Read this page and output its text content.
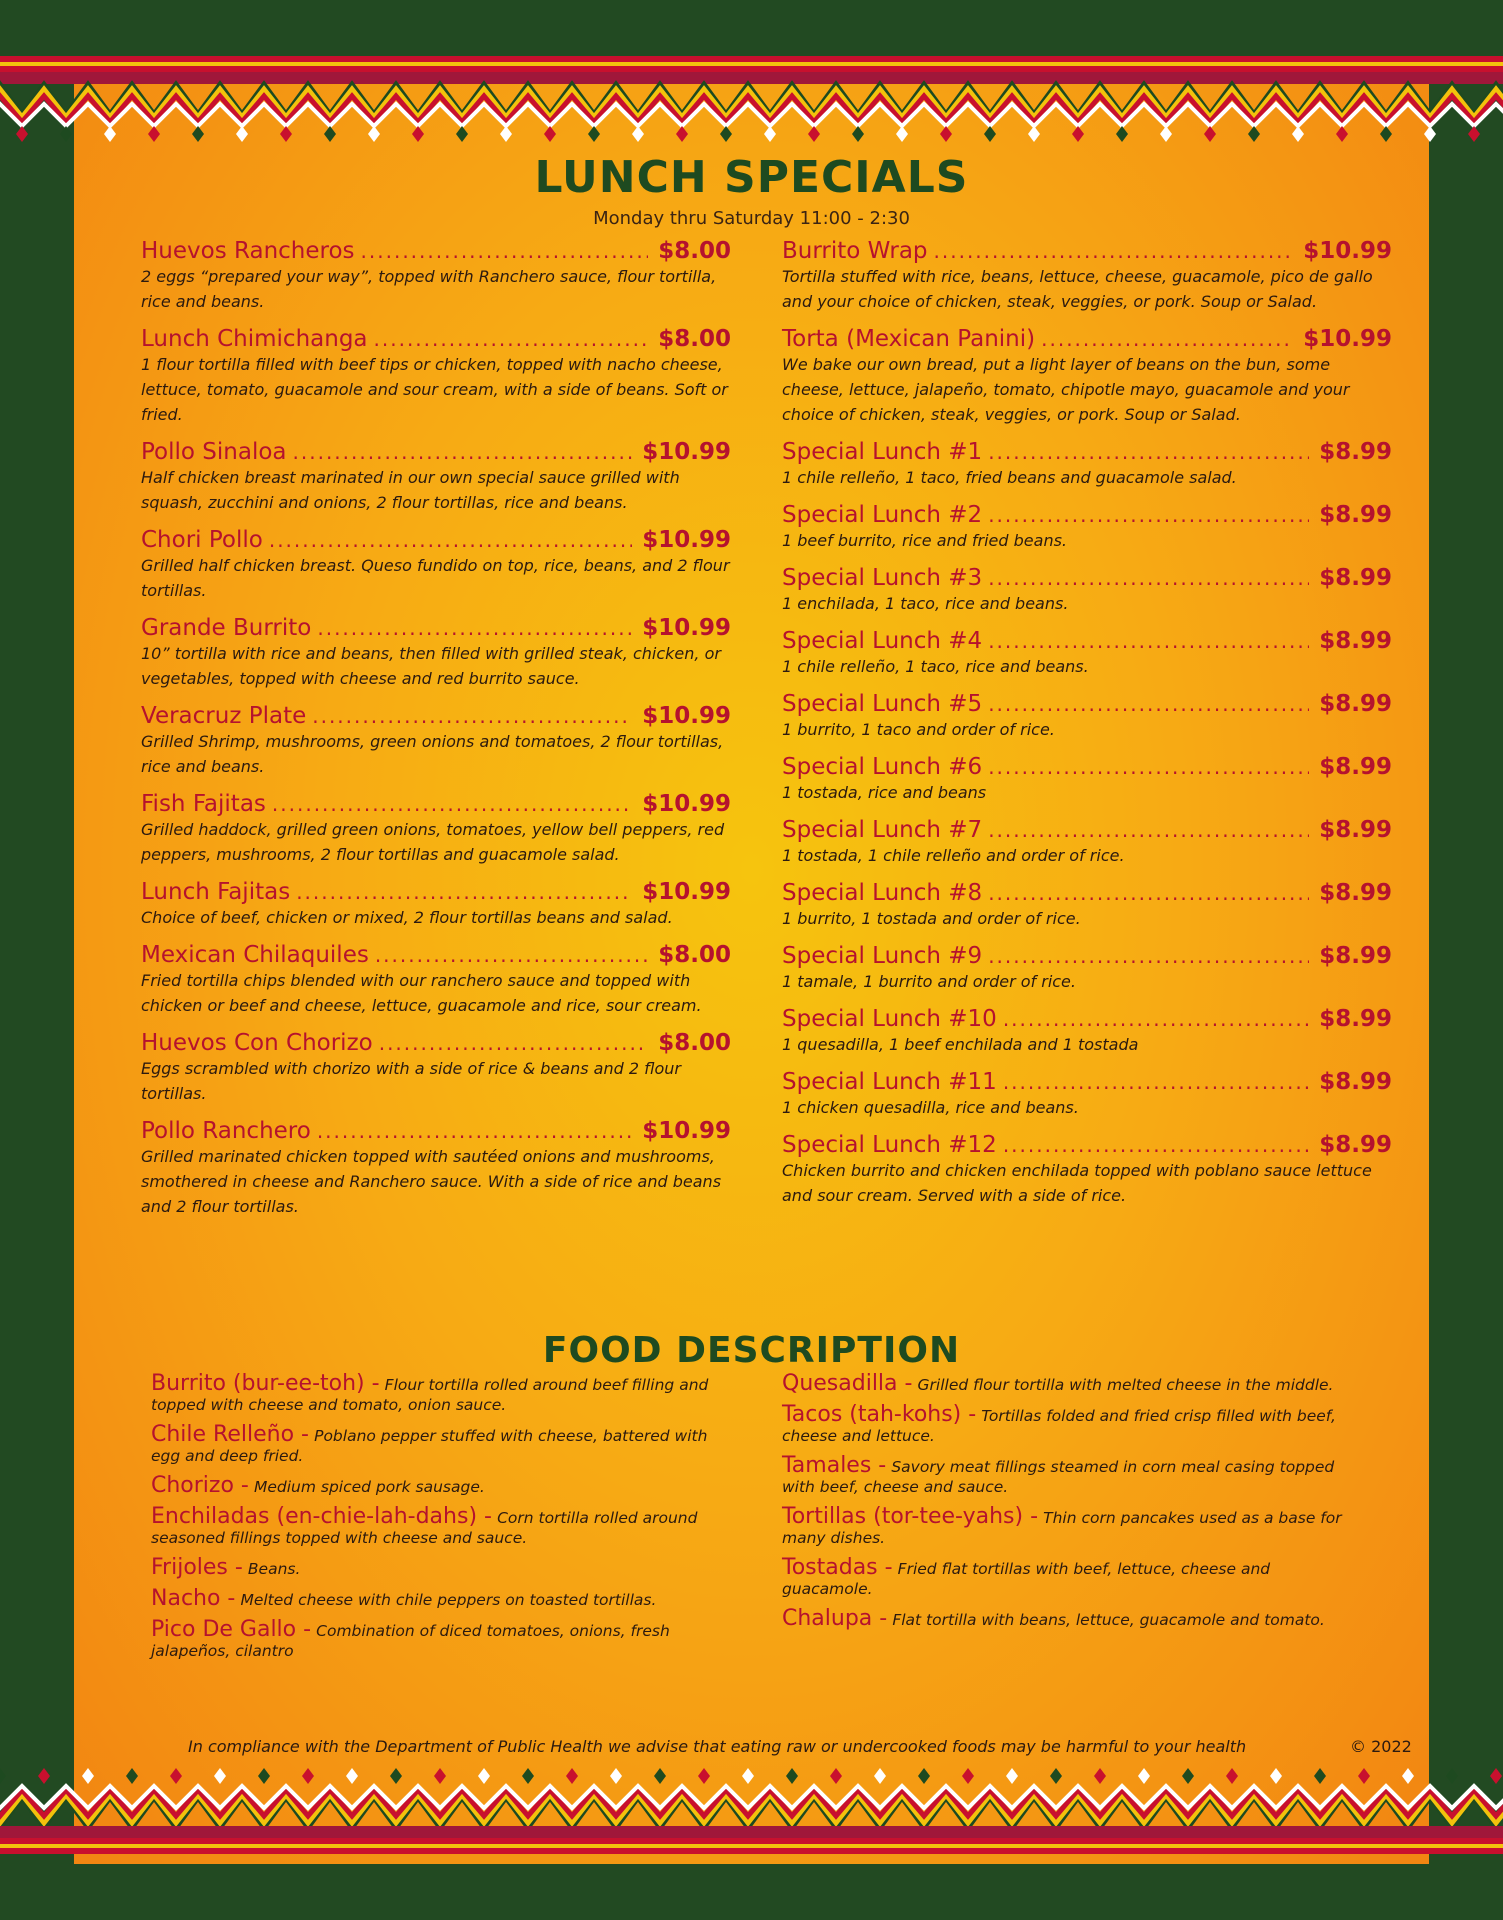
LUNCH SPECIALS
Monday thru Saturday 11:00 - 2:30
Huevos Rancheros .....	$8.00
2 eggs “prepared your way”, topped with Ranchero sauce, flour tortilla, rice and beans.
Lunch Chimichanga .....	$8.00
1 flour tortilla filled with beef tips or chicken, topped with nacho cheese, lettuce, tomato, guacamole and sour cream, with a side of beans. Soft or fried.
Pollo Sinaloa .....	$10.99
Half chicken breast marinated in our own special sauce grilled with squash, zucchini and onions, 2 flour tortillas, rice and beans.
Chori Pollo .....	$10.99
Grilled half chicken breast. Queso fundido on top, rice, beans, and 2 flour tortillas.
Grande Burrito .....	$10.99
10” tortilla with rice and beans, then filled with grilled steak, chicken, or vegetables, topped with cheese and red burrito sauce.
Veracruz Plate .....	$10.99
Grilled Shrimp, mushrooms, green onions and tomatoes, 2 flour tortillas, rice and beans.
Fish Fajitas .....	$10.99
Grilled haddock, grilled green onions, tomatoes, yellow bell peppers, red peppers, mushrooms, 2 flour tortillas and guacamole salad.
Lunch Fajitas .....	$10.99
Choice of beef, chicken or mixed, 2 flour tortillas beans and salad.
Mexican Chilaquiles .....	$8.00
Fried tortilla chips blended with our ranchero sauce and topped with chicken or beef and cheese, lettuce, guacamole and rice, sour cream.
Huevos Con Chorizo .....	$8.00
Eggs scrambled with chorizo with a side of rice & beans and 2 flour tortillas.
Pollo Ranchero .....	$10.99
Grilled marinated chicken topped with sautéed onions and mushrooms, smothered in cheese and Ranchero sauce. With a side of rice and beans and 2 flour tortillas.
Burrito Wrap .....	$10.99
Tortilla stuffed with rice, beans, lettuce, cheese, guacamole, pico de gallo and your choice of chicken, steak, veggies, or pork. Soup or Salad.
Torta (Mexican Panini) .....	$10.99
We bake our own bread, put a light layer of beans on the bun, some cheese, lettuce, jalapeño, tomato, chipotle mayo, guacamole and your choice of chicken, steak, veggies, or pork. Soup or Salad.
Special Lunch #1 .....	$8.99
1 chile relleño, 1 taco, fried beans and guacamole salad.
Special Lunch #2 .....	$8.99
1 beef burrito, rice and fried beans.
Special Lunch #3 .....	$8.99
1 enchilada, 1 taco, rice and beans.
Special Lunch #4 .....	$8.99
1 chile relleño, 1 taco, rice and beans.
Special Lunch #5 .....	$8.99
1 burrito, 1 taco and order of rice.
Special Lunch #6 .....	$8.99
1 tostada, rice and beans
Special Lunch #7 .....	$8.99
1 tostada, 1 chile relleño and order of rice.
Special Lunch #8 .....	$8.99
1 burrito, 1 tostada and order of rice.
Special Lunch #9 .....	$8.99
1 tamale, 1 burrito and order of rice.
Special Lunch #10 .....	$8.99
1 quesadilla, 1 beef enchilada and 1 tostada
Special Lunch #11 .....	$8.99
1 chicken quesadilla, rice and beans.
Special Lunch #12 .....	$8.99
Chicken burrito and chicken enchilada topped with poblano sauce lettuce and sour cream. Served with a side of rice.
FOOD DESCRIPTION
Burrito (bur-ee-toh) - Flour tortilla rolled around beef filling and topped with cheese and tomato, onion sauce.
Chile Relleño - Poblano pepper stuffed with cheese, battered with egg and deep fried.
Chorizo - Medium spiced pork sausage.
Enchiladas (en-chie-lah-dahs) - Corn tortilla rolled around seasoned fillings topped with cheese and sauce.
Frijoles - Beans.
Nacho - Melted cheese with chile peppers on toasted tortillas.
Pico De Gallo - Combination of diced tomatoes, onions, fresh jalapeños, cilantro
Quesadilla - Grilled flour tortilla with melted cheese in the middle.
Tacos (tah-kohs) - Tortillas folded and fried crisp filled with beef, cheese and lettuce.
Tamales - Savory meat fillings steamed in corn meal casing topped with beef, cheese and sauce.
Tortillas (tor-tee-yahs) - Thin corn pancakes used as a base for many dishes.
Tostadas - Fried flat tortillas with beef, lettuce, cheese and guacamole.
Chalupa - Flat tortilla with beans, lettuce, guacamole and tomato.
In compliance with the Department of Public Health we advise that eating raw or undercooked foods may be harmful to your health	© 2022
